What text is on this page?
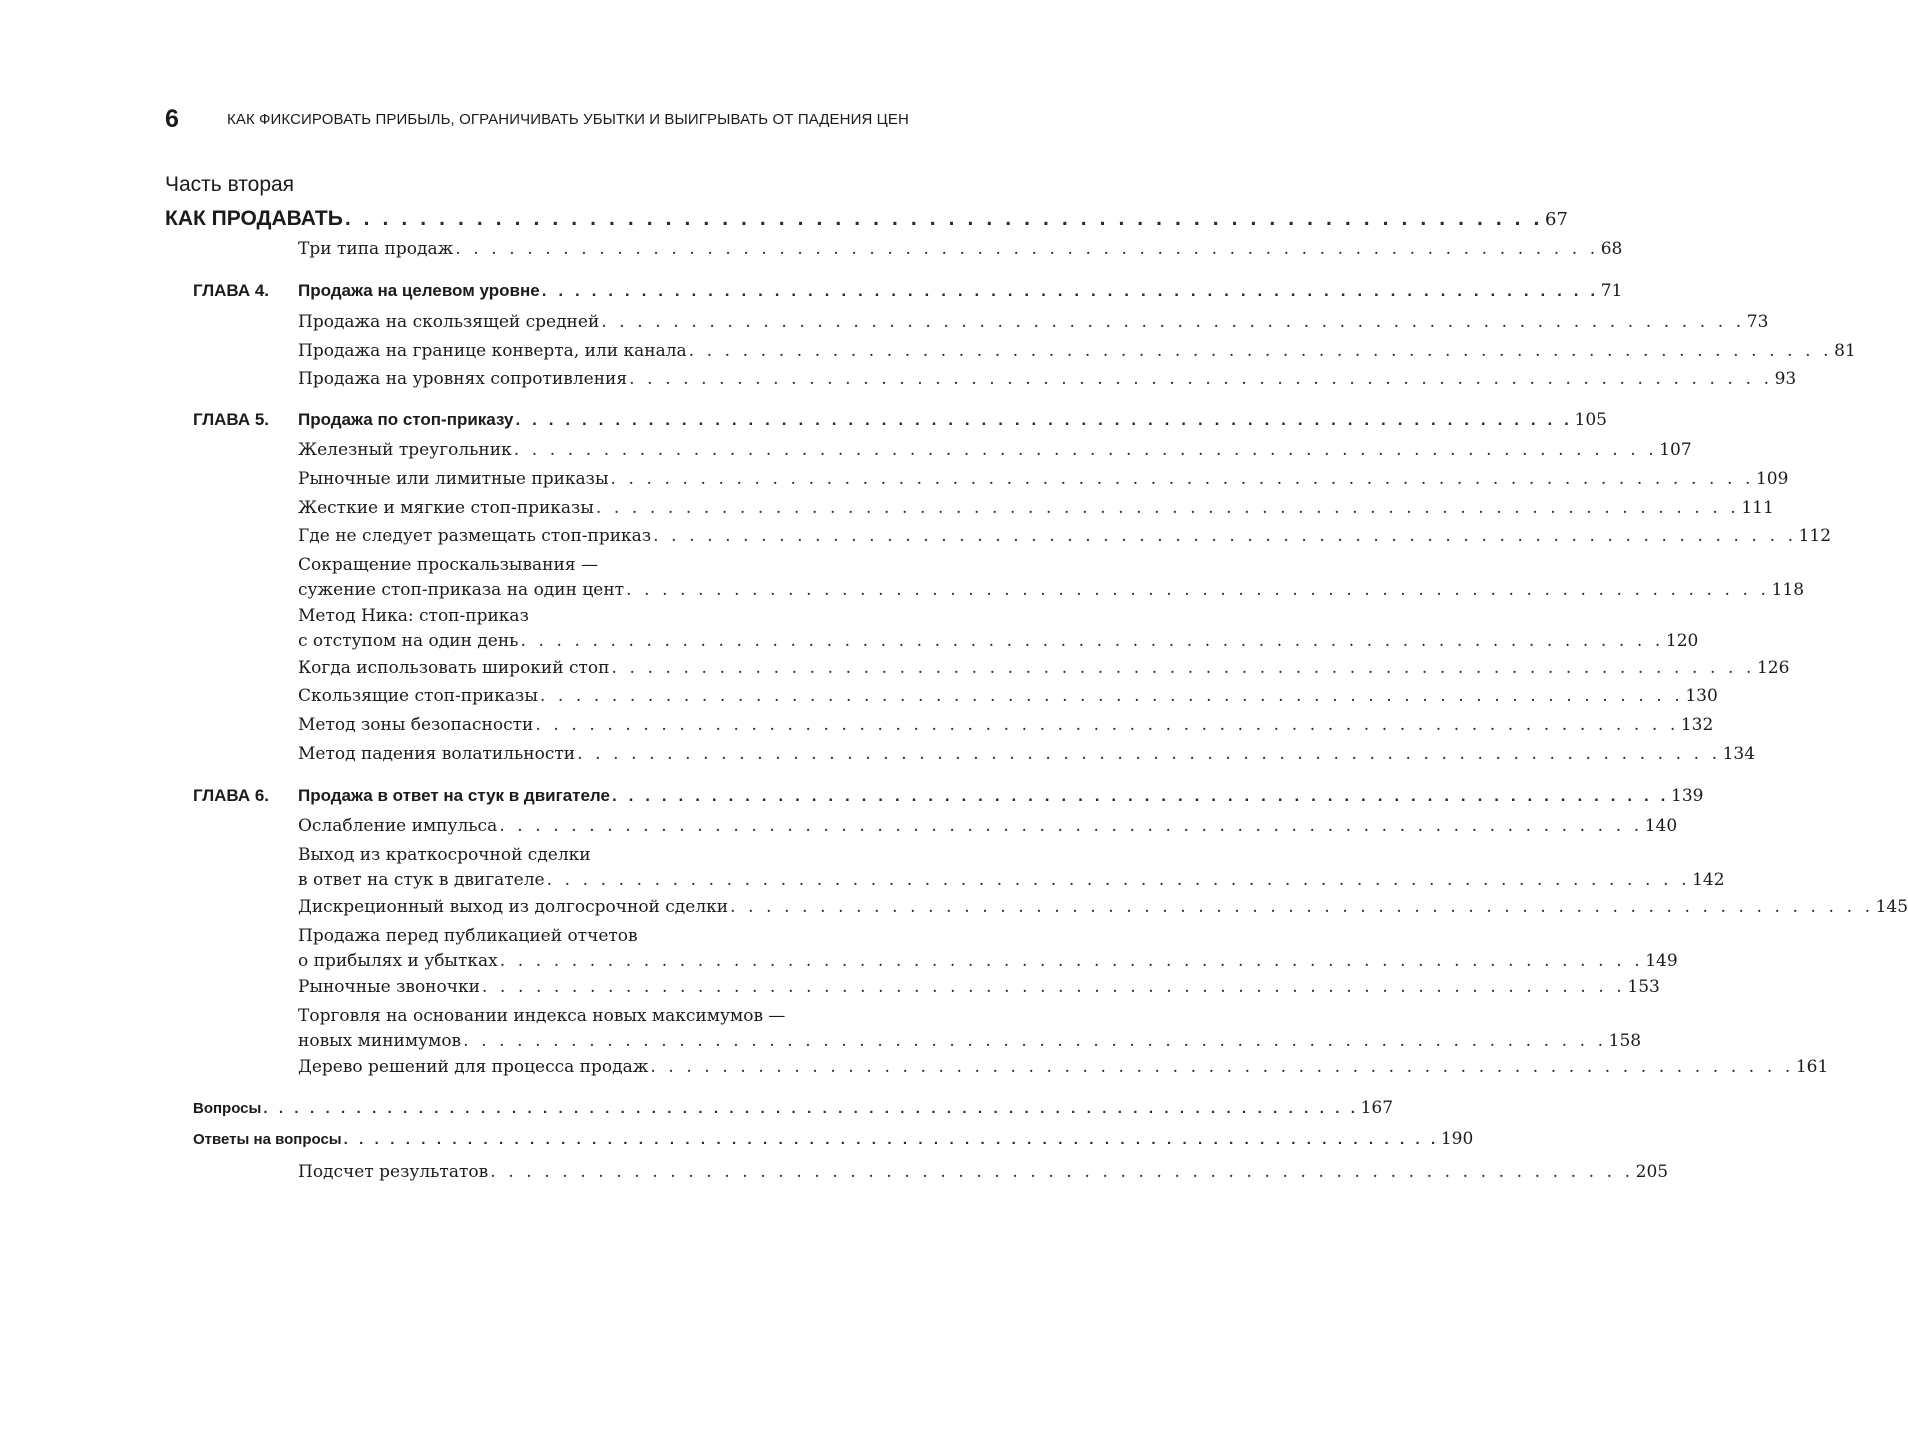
6	КАК ФИКСИРОВАТЬ ПРИБЫЛЬ, ОГРАНИЧИВАТЬ УБЫТКИ И ВЫИГРЫВАТЬ ОТ ПАДЕНИЯ ЦЕН
Часть вторая
КАК ПРОДАВАТЬ . . . . . . . . . . . . . . . . . . . . . . . . . . . . . . . . . . . . . . . . . . . . . . . . . . . . . . . . . . . . . . . . 67
Три типа продаж . . . . . . . . . . . . . . . . . . . . . . . . . . . . . . . . . . . . . . . . . . . . . . . . . . . . . . . . . . . . . . . . 68
ГЛАВА 4.	Продажа на целевом уровне . . . . . . . . . . . . . . . . . . . . . . . . . . . . . . . . . . . . . . . . . . . . . . . . . . . . . . . . . . . . . . . . 71
Продажа на скользящей средней . . . . . . . . . . . . . . . . . . . . . . . . . . . . . . . . . . . . . . . . . . . . . . . . . . . . . . . . . . . . . . . . 73
Продажа на границе конверта, или канала . . . . . . . . . . . . . . . . . . . . . . . . . . . . . . . . . . . . . . . . . . . . . . . . . . . . . . . . . . . . . . . . 81
Продажа на уровнях сопротивления . . . . . . . . . . . . . . . . . . . . . . . . . . . . . . . . . . . . . . . . . . . . . . . . . . . . . . . . . . . . . . . . 93
ГЛАВА 5.	Продажа по стоп-приказу . . . . . . . . . . . . . . . . . . . . . . . . . . . . . . . . . . . . . . . . . . . . . . . . . . . . . . . . . . . . . . . . 105
Железный треугольник . . . . . . . . . . . . . . . . . . . . . . . . . . . . . . . . . . . . . . . . . . . . . . . . . . . . . . . . . . . . . . . . 107
Рыночные или лимитные приказы . . . . . . . . . . . . . . . . . . . . . . . . . . . . . . . . . . . . . . . . . . . . . . . . . . . . . . . . . . . . . . . . 109
Жесткие и мягкие стоп-приказы . . . . . . . . . . . . . . . . . . . . . . . . . . . . . . . . . . . . . . . . . . . . . . . . . . . . . . . . . . . . . . . . 111
Где не следует размещать стоп-приказ . . . . . . . . . . . . . . . . . . . . . . . . . . . . . . . . . . . . . . . . . . . . . . . . . . . . . . . . . . . . . . . . 112
Сокращение проскальзывания —
сужение стоп-приказа на один цент . . . . . . . . . . . . . . . . . . . . . . . . . . . . . . . . . . . . . . . . . . . . . . . . . . . . . . . . . . . . . . . . 118
Метод Ника: стоп-приказ
с отступом на один день . . . . . . . . . . . . . . . . . . . . . . . . . . . . . . . . . . . . . . . . . . . . . . . . . . . . . . . . . . . . . . . . 120
Когда использовать широкий стоп . . . . . . . . . . . . . . . . . . . . . . . . . . . . . . . . . . . . . . . . . . . . . . . . . . . . . . . . . . . . . . . . 126
Скользящие стоп-приказы . . . . . . . . . . . . . . . . . . . . . . . . . . . . . . . . . . . . . . . . . . . . . . . . . . . . . . . . . . . . . . . . 130
Метод зоны безопасности . . . . . . . . . . . . . . . . . . . . . . . . . . . . . . . . . . . . . . . . . . . . . . . . . . . . . . . . . . . . . . . . 132
Метод падения волатильности . . . . . . . . . . . . . . . . . . . . . . . . . . . . . . . . . . . . . . . . . . . . . . . . . . . . . . . . . . . . . . . . 134
ГЛАВА 6.	Продажа в ответ на стук в двигателе . . . . . . . . . . . . . . . . . . . . . . . . . . . . . . . . . . . . . . . . . . . . . . . . . . . . . . . . . . . . . . . . 139
Ослабление импульса . . . . . . . . . . . . . . . . . . . . . . . . . . . . . . . . . . . . . . . . . . . . . . . . . . . . . . . . . . . . . . . . 140
Выход из краткосрочной сделки
в ответ на стук в двигателе . . . . . . . . . . . . . . . . . . . . . . . . . . . . . . . . . . . . . . . . . . . . . . . . . . . . . . . . . . . . . . . . 142
Дискреционный выход из долгосрочной сделки . . . . . . . . . . . . . . . . . . . . . . . . . . . . . . . . . . . . . . . . . . . . . . . . . . . . . . . . . . . . . . . . 145
Продажа перед публикацией отчетов
о прибылях и убытках . . . . . . . . . . . . . . . . . . . . . . . . . . . . . . . . . . . . . . . . . . . . . . . . . . . . . . . . . . . . . . . . 149
Рыночные звоночки . . . . . . . . . . . . . . . . . . . . . . . . . . . . . . . . . . . . . . . . . . . . . . . . . . . . . . . . . . . . . . . . 153
Торговля на основании индекса новых максимумов —
новых минимумов . . . . . . . . . . . . . . . . . . . . . . . . . . . . . . . . . . . . . . . . . . . . . . . . . . . . . . . . . . . . . . . . 158
Дерево решений для процесса продаж . . . . . . . . . . . . . . . . . . . . . . . . . . . . . . . . . . . . . . . . . . . . . . . . . . . . . . . . . . . . . . . . 161
Вопросы . . . . . . . . . . . . . . . . . . . . . . . . . . . . . . . . . . . . . . . . . . . . . . . . . . . . . . . . . . . . . . . . . . . . . . . 167
Ответы на вопросы . . . . . . . . . . . . . . . . . . . . . . . . . . . . . . . . . . . . . . . . . . . . . . . . . . . . . . . . . . . . . . . . . . . . . . . 190
Подсчет результатов . . . . . . . . . . . . . . . . . . . . . . . . . . . . . . . . . . . . . . . . . . . . . . . . . . . . . . . . . . . . . . . . 205
